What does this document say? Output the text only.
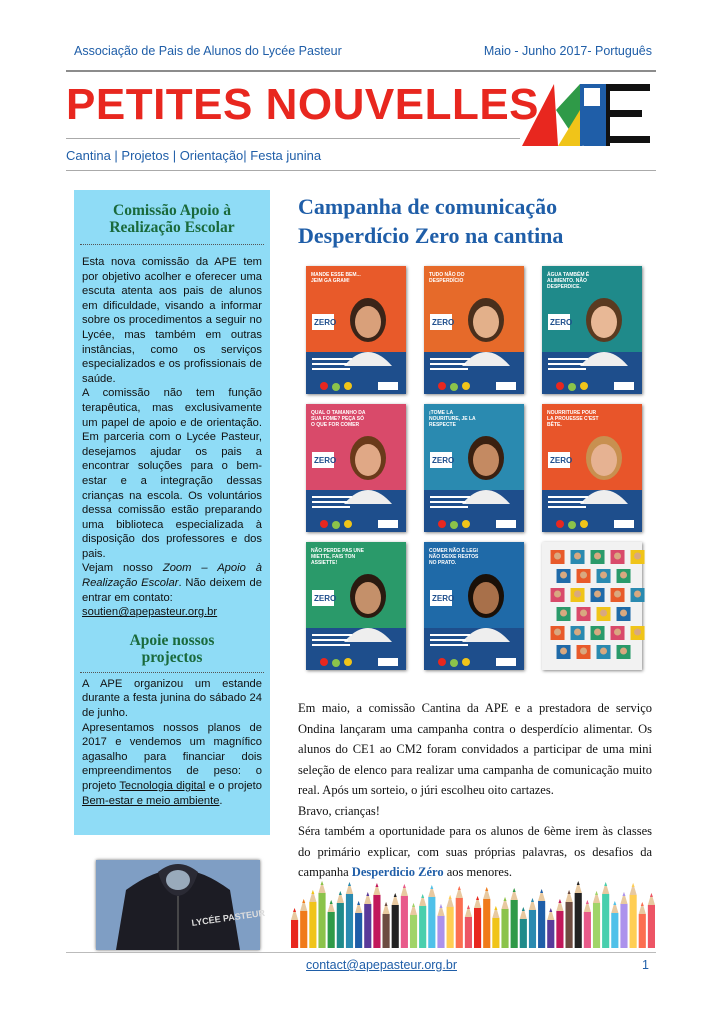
Associação de Pais de Alunos do Lycée Pasteur	Maio - Junho 2017- Português
PETITES NOUVELLES
APE
Cantina | Projetos | Orientação| Festa junina
Comissão Apoio à
Realização Escolar

Esta nova comissão da APE tem por objetivo acolher e oferecer uma escuta atenta aos pais de alunos em dificuldade, visando a informar sobre os procedimentos a seguir no Lycée, mas também em outras instâncias, como os serviços especializados e os profissionais de saúde.

A comissão não tem função terapêutica, mas exclusivamente um papel de apoio e de orientação. Em parceria com o Lycée Pasteur, desejamos ajudar os pais a encontrar soluções para o bem-estar e a integração dessas crianças na escola. Os voluntários dessa comissão estão preparando uma biblioteca especializada à disposição dos professores e dos pais.

Vejam nosso Zoom – Apoio à Realização Escolar. Não deixem de entrar em contato:

soutien@apepasteur.org.br

Apoie nossos
projectos

A APE organizou um estande durante a festa junina do sábado 24 de junho.

Apresentamos nossos planos de 2017 e vendemos um magnífico agasalho para financiar dois empreendimentos de peso: o projeto Tecnologia digital e o projeto Bem-estar e meio ambiente.

LYCÉE PASTEUR
Campanha de comunicação
Desperdício Zero na cantina
MANDE ESSE BEM... JEIM GA GRAM!
ZERO
TUDO NÃO DO DESPERDÍCIO
ZERO
ÁGUA TAMBÉM É ALIMENTO. NÃO DESPERDICE.
ZERO
QUAL O TAMANHO DA SUA FOME? PEÇA SÓ O QUE FOR COMER
ZERO
¡TOME LA NOURITURE, JE LA RESPECTE
ZERO
NOURRITURE POUR LA PROUESSE C'EST BÊTE.
ZERO
NÃO PERDE PAS UNE MIETTE, FAIS TON ASSIETTE!
ZERO
COMER NÃO É LEGI NÃO DEIXE RESTOS NO PRATO.
ZERO

Em maio, a comissão Cantina da APE e a prestadora de serviço Ondina lançaram uma campanha contra o desperdício alimentar. Os alunos do CE1 ao CM2 foram convidados a participar de uma mini seleção de elenco para realizar uma campanha de comunicação muito real. Após um sorteio, o júri escolheu oito cartazes.

Bravo, crianças!

Séra também a oportunidade para os alunos de 6ème irem às classes do primário explicar, com suas próprias palavras, os desafios da campanha Desperdicio Zéro aos menores.

contact@apepasteur.org.br	1
